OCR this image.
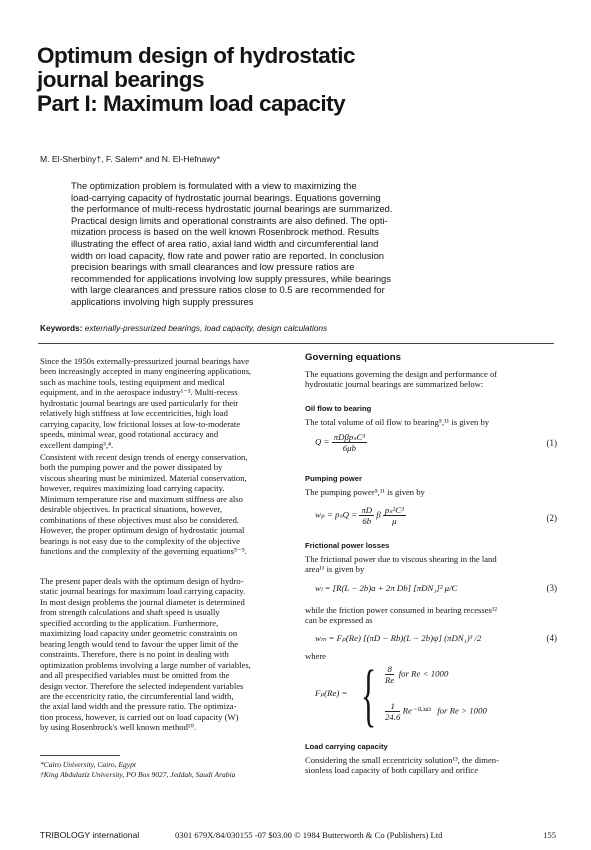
Optimum design of hydrostatic
journal bearings
Part I: Maximum load capacity
M. El-Sherbiny†, F. Salem* and N. El-Hefnawy*
The optimization problem is formulated with a view to maximizing the
load-carrying capacity of hydrostatic journal bearings. Equations governing
the performance of multi-recess hydrostatic journal bearings are summarized.
Practical design limits and operational constraints are also defined. The opti-
mization process is based on the well known Rosenbrock method. Results
illustrating the effect of area ratio, axial land width and circumferential land
width on load capacity, flow rate and power ratio are reported. In conclusion
precision bearings with small clearances and low pressure ratios are
recommended for applications involving low supply pressures, while bearings
with large clearances and pressure ratios close to 0.5 are recommended for
applications involving high supply pressures
Keywords: externally-pressurized bearings, load capacity, design calculations
Since the 1950s externally-pressurized journal bearings have
been increasingly accepted in many engineering applications,
such as machine tools, testing equipment and medical
equipment, and in the aerospace industry¹⁻³. Multi-recess
hydrostatic journal bearings are used particularly for their
relatively high stiffness at low eccentricities, high load
carrying capacity, low frictional losses at low-to-moderate
speeds, minimal wear, good rotational accuracy and
excellent damping³,⁴.
Consistent with recent design trends of energy conservation,
both the pumping power and the power dissipated by
viscous shearing must be minimized. Material conservation,
however, requires maximizing load carrying capacity.
Minimum temperature rise and maximum stiffness are also
desirable objectives. In practical situations, however,
combinations of these objectives must also be considered.
However, the proper optimum design of hydrostatic journal
bearings is not easy due to the complexity of the objective
functions and the complexity of the governing equations⁵⁻⁹.
The present paper deals with the optimum design of hydro-
static journal bearings for maximum load carrying capacity.
In most design problems the journal diameter is determined
from strength calculations and shaft speed is usually
specified according to the application. Furthermore,
maximizing load capacity under geometric constraints on
bearing length would tend to favour the upper limit of the
constraints. Therefore, there is no point in dealing with
optimization problems involving a large number of variables,
and all prespecified variables must be omitted from the
design vector. Therefore the selected independent variables
are the eccentricity ratio, the circumferential land width,
the axial land width and the pressure ratio. The optimiza-
tion process, however, is carried out on load capacity (W)
by using Rosenbrock's well known method¹⁰.
*Cairo University, Cairo, Egypt
†King Abdulaziz University, PO Box 9027, Jeddah, Saudi Arabia
Governing equations
The equations governing the design and performance of
hydrostatic journal bearings are summarized below:
Oil flow to bearing
The total volume of oil flow to bearing⁵,¹¹ is given by
$Q = \frac{\text{πDβpₛC³}}{6\mu b}$	(1)
Pumping power
The pumping power⁵,¹¹ is given by
$w_p = p_sQ = \frac{\pi D}{6b}$ β $\frac{\text{pₛ²C³}}{\mu}$	(2)
Frictional power losses
The frictional power due to viscous shearing in the land
area¹¹ is given by
wₗ = [R(L − 2b)a + 2π Db] [πDN₁]² μ/C	(3)
while the friction power consumed in bearing recesses¹²
can be expressed as
wₘ = Fₚ(Re) [(πD − Rb)(L − 2b)ψ] (πDN₁)³ /2	(4)
where
Fₚ(Re) = { $\frac{8}{Re}$ for Re < 1000
$\frac{1}{24.6} Re^{-0}\cdot^{343}$ for Re > 1000
Load carrying capacity
Considering the small eccentricity solution¹³, the dimen-
sionless load capacity of both capillary and orifice
TRIBOLOGY international	0301 679X/84/030155 -07 $03.00 © 1984 Butterworth & Co (Publishers) Ltd	155
